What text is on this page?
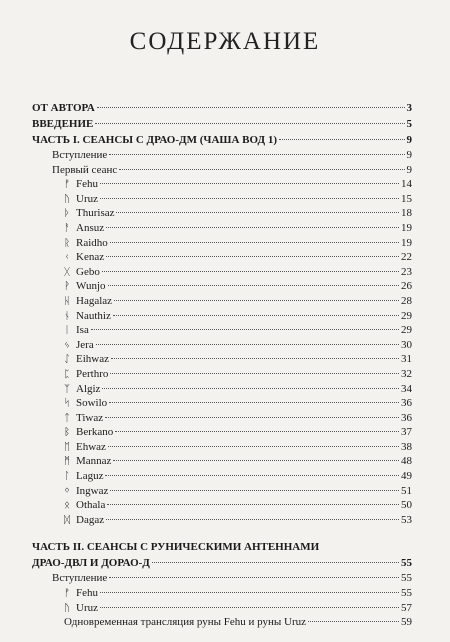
СОДЕРЖАНИЕ
ОТ АВТОРА	3
ВВЕДЕНИЕ	5
ЧАСТЬ I. СЕАНСЫ С ДРАО-ДМ (ЧАША ВОД 1)	9
Вступление	9
Первый сеанс	9
ᚠ Fehu	14
ᚢ Uruz	15
ᚦ Thurisaz	18
ᚨ Ansuz	19
ᚱ Raidho	19
ᚲ Kenaz	22
ᚷ Gebo	23
ᚹ Wunjo	26
ᚺ Hagalaz	28
ᚾ Nauthiz	29
ᛁ Isa	29
ᛃ Jera	30
ᛇ Eihwaz	31
ᛈ Perthro	32
ᛉ Algiz	34
ᛋ Sowilo	36
ᛏ Tiwaz	36
ᛒ Berkano	37
ᛖ Ehwaz	38
ᛗ Mannaz	48
ᛚ Laguz	49
ᛜ Ingwaz	51
ᛟ Othala	50
ᛞ Dagaz	53
ЧАСТЬ II. СЕАНСЫ С РУНИЧЕСКИМИ АНТЕННАМИ
ДРАО-ДВЛ И ДОРАО-Д	55
Вступление	55
ᚠ Fehu	55
ᚢ Uruz	57
Одновременная трансляция руны Fehu и руны Uruz	59
